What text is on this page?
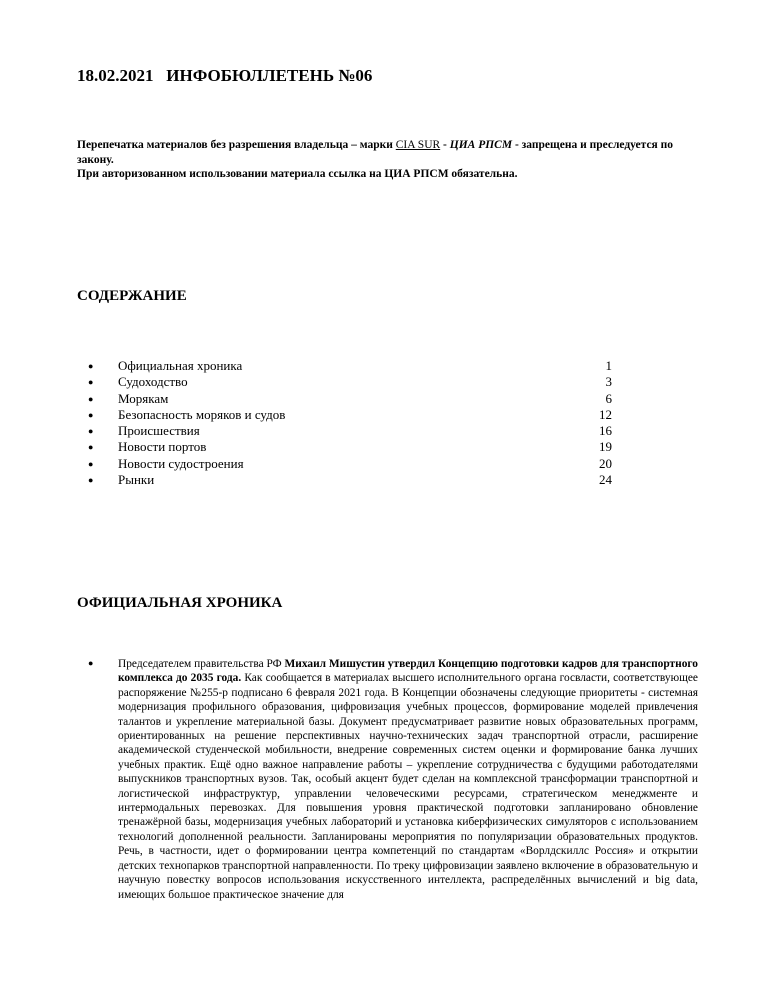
18.02.2021   ИНФОБЮЛЛЕТЕНЬ №06
Перепечатка материалов без разрешения владельца – марки CIA SUR - ЦИА РПСМ - запрещена и преследуется по закону.
При авторизованном использовании материала ссылка на ЦИА РПСМ обязательна.
СОДЕРЖАНИЕ
●	Официальная хроника	1
●	Судоходство	3
●	Морякам	6
●	Безопасность моряков и судов	12
●	Происшествия	16
●	Новости портов	19
●	Новости судостроения	20
●	Рынки	24
ОФИЦИАЛЬНАЯ ХРОНИКА
●	Председателем правительства РФ Михаил Мишустин утвердил Концепцию подготовки кадров для транспортного комплекса до 2035 года. Как сообщается в материалах высшего исполнительного органа госвласти, соответствующее распоряжение №255-р подписано 6 февраля 2021 года. В Концепции обозначены следующие приоритеты - системная модернизация профильного образования, цифровизация учебных процессов, формирование моделей привлечения талантов и укрепление материальной базы. Документ предусматривает развитие новых образовательных программ, ориентированных на решение перспективных научно-технических задач транспортной отрасли, расширение академической студенческой мобильности, внедрение современных систем оценки и формирование банка лучших учебных практик. Ещё одно важное направление работы – укрепление сотрудничества с будущими работодателями выпускников транспортных вузов. Так, особый акцент будет сделан на комплексной трансформации транспортной и логистической инфраструктур, управлении человеческими ресурсами, стратегическом менеджменте и интермодальных перевозках. Для повышения уровня практической подготовки запланировано обновление тренажёрной базы, модернизация учебных лабораторий и установка киберфизических симуляторов с использованием технологий дополненной реальности. Запланированы мероприятия по популяризации образовательных продуктов. Речь, в частности, идет о формировании центра компетенций по стандартам «Ворлдскиллс Россия» и открытии детских технопарков транспортной направленности. По треку цифровизации заявлено включение в образовательную и научную повестку вопросов использования искусственного интеллекта, распределённых вычислений и big data, имеющих большое практическое значение для
